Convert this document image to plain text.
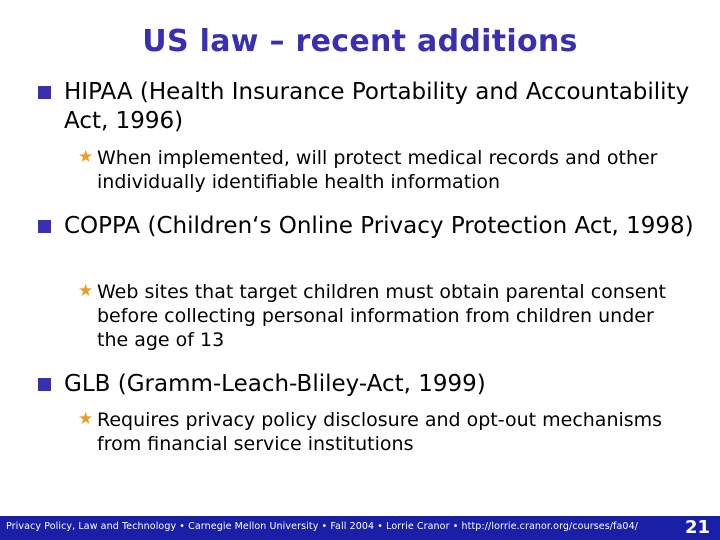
US law – recent additions
HIPAA (Health Insurance Portability and Accountability Act, 1996)
★ When implemented, will protect medical records and other individually identifiable health information
COPPA (Children‘s Online Privacy Protection Act, 1998)
★ Web sites that target children must obtain parental consent before collecting personal information from children under the age of 13
GLB (Gramm-Leach-Bliley-Act, 1999)
★ Requires privacy policy disclosure and opt-out mechanisms from financial service institutions
Privacy Policy, Law and Technology • Carnegie Mellon University • Fall 2004 • Lorrie Cranor • http://lorrie.cranor.org/courses/fa04/	21
